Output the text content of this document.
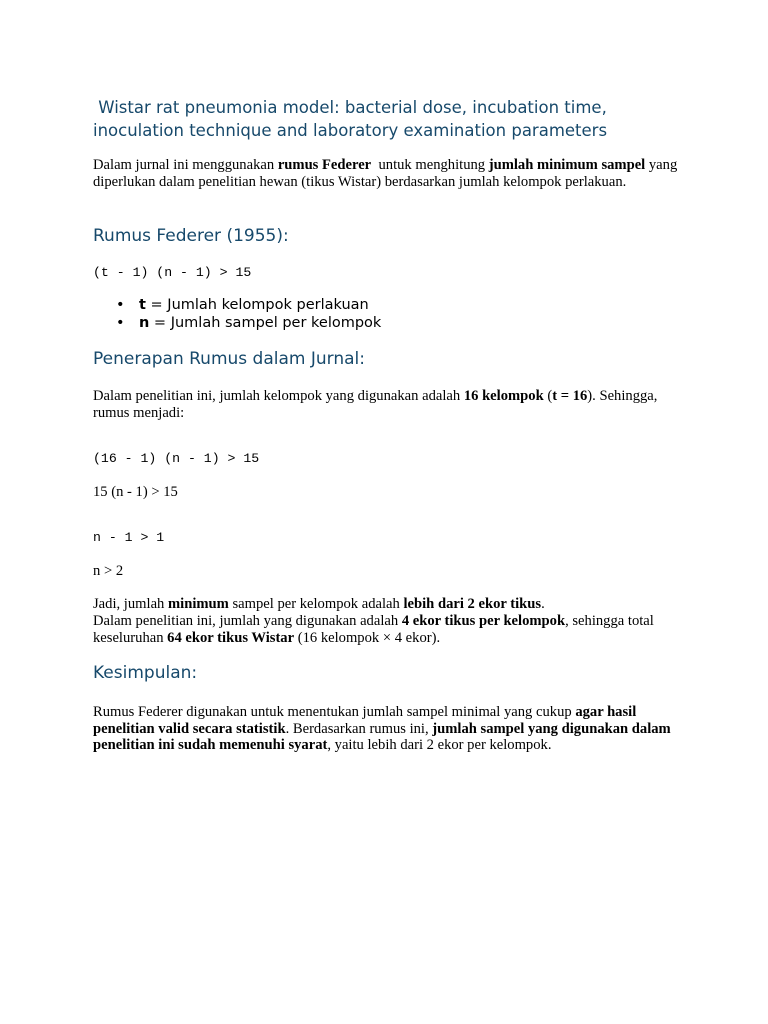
Wistar rat pneumonia model: bacterial dose, incubation time, inoculation technique and laboratory examination parameters

Dalam jurnal ini menggunakan rumus Federer  untuk menghitung jumlah minimum sampel yang diperlukan dalam penelitian hewan (tikus Wistar) berdasarkan jumlah kelompok perlakuan.

Rumus Federer (1955):
(t - 1) (n - 1) > 15
• t = Jumlah kelompok perlakuan
• n = Jumlah sampel per kelompok
Penerapan Rumus dalam Jurnal:

Dalam penelitian ini, jumlah kelompok yang digunakan adalah 16 kelompok (t = 16). Sehingga, rumus menjadi:

(16 - 1) (n - 1) > 15

15 (n - 1) > 15

n - 1 > 1

n > 2

Jadi, jumlah minimum sampel per kelompok adalah lebih dari 2 ekor tikus.

Dalam penelitian ini, jumlah yang digunakan adalah 4 ekor tikus per kelompok, sehingga total keseluruhan 64 ekor tikus Wistar (16 kelompok × 4 ekor).

Kesimpulan:

Rumus Federer digunakan untuk menentukan jumlah sampel minimal yang cukup agar hasil penelitian valid secara statistik. Berdasarkan rumus ini, jumlah sampel yang digunakan dalam penelitian ini sudah memenuhi syarat, yaitu lebih dari 2 ekor per kelompok.
